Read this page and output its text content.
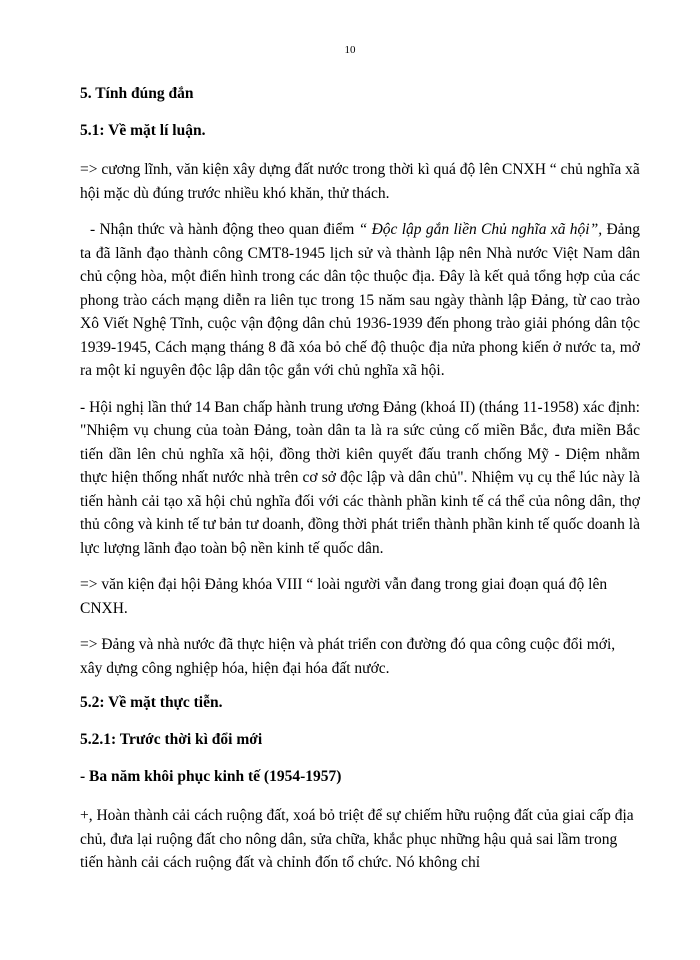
10
5. Tính đúng đắn
5.1: Về mặt lí luận.

=> cương lĩnh, văn kiện xây dựng đất nước trong thời kì quá độ lên CNXH “ chủ nghĩa xã hội mặc dù đúng trước nhiều khó khăn, thử thách.

- Nhận thức và hành động theo quan điểm “ Độc lập gắn liền Chủ nghĩa xã hội”, Đảng ta đã lãnh đạo thành công CMT8-1945 lịch sử và thành lập nên Nhà nước Việt Nam dân chủ cộng hòa, một điển hình trong các dân tộc thuộc địa. Đây là kết quả tổng hợp của các phong trào cách mạng diễn ra liên tục trong 15 năm sau ngày thành lập Đảng, từ cao trào Xô Viết Nghệ Tĩnh, cuộc vận động dân chủ 1936-1939 đến phong trào giải phóng dân tộc 1939-1945, Cách mạng tháng 8 đã xóa bỏ chế độ thuộc địa nửa phong kiến ở nước ta, mở ra một kỉ nguyên độc lập dân tộc gắn với chủ nghĩa xã hội.

- Hội nghị lần thứ 14 Ban chấp hành trung ương Đảng (khoá II) (tháng 11-1958) xác định: "Nhiệm vụ chung của toàn Đảng, toàn dân ta là ra sức củng cố miền Bắc, đưa miền Bắc tiến dần lên chủ nghĩa xã hội, đồng thời kiên quyết đấu tranh chống Mỹ - Diệm nhằm thực hiện thống nhất nước nhà trên cơ sở độc lập và dân chủ". Nhiệm vụ cụ thể lúc này là tiến hành cải tạo xã hội chủ nghĩa đối với các thành phần kinh tế cá thể của nông dân, thợ thủ công và kinh tế tư bản tư doanh, đồng thời phát triển thành phần kinh tế quốc doanh là lực lượng lãnh đạo toàn bộ nền kinh tế quốc dân.

=> văn kiện đại hội Đảng khóa VIII “ loài người vẫn đang trong giai đoạn quá độ lên CNXH.

=> Đảng và nhà nước đã thực hiện và phát triển con đường đó qua công cuộc đổi mới, xây dựng công nghiệp hóa, hiện đại hóa đất nước.

5.2: Về mặt thực tiễn.
5.2.1: Trước thời kì đổi mới
- Ba năm khôi phục kinh tế (1954-1957)

+, Hoàn thành cải cách ruộng đất, xoá bỏ triệt để sự chiếm hữu ruộng đất của giai cấp địa chủ, đưa lại ruộng đất cho nông dân, sửa chữa, khắc phục những hậu quả sai lầm trong tiến hành cải cách ruộng đất và chỉnh đốn tổ chức. Nó không chỉ
